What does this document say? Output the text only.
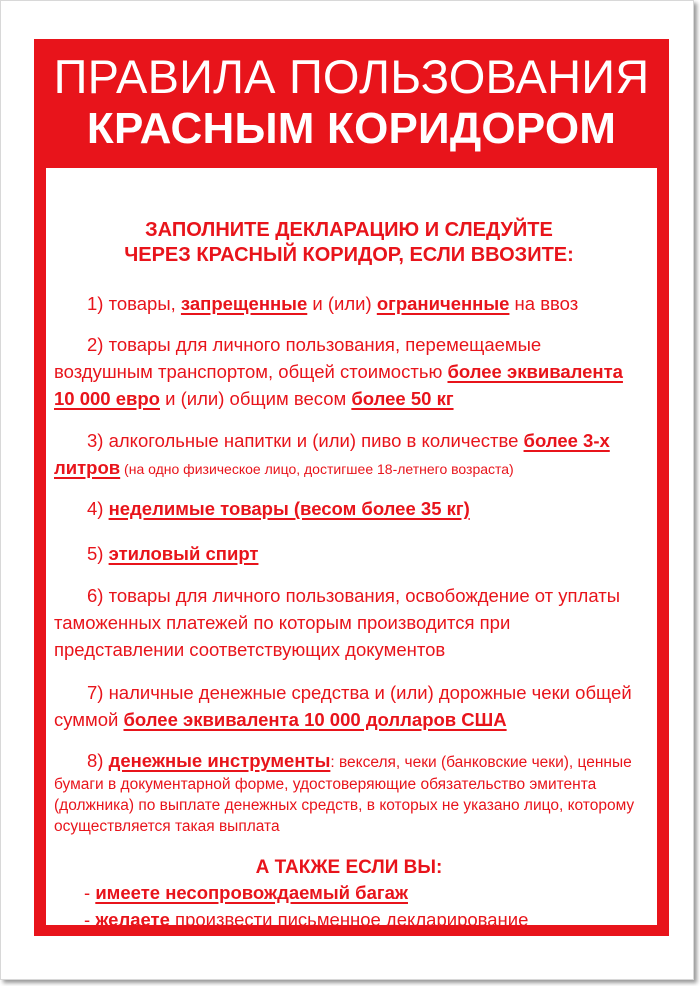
ПРАВИЛА ПОЛЬЗОВАНИЯ
КРАСНЫМ КОРИДОРОМ

ЗАПОЛНИТЕ ДЕКЛАРАЦИЮ И СЛЕДУЙТЕ

ЧЕРЕЗ КРАСНЫЙ КОРИДОР, ЕСЛИ ВВОЗИТЕ:

1) товары, запрещенные и (или) ограниченные на ввоз

2) товары для личного пользования, перемещаемые

воздушным транспортом, общей стоимостью более эквивалента

10 000 евро и (или) общим весом более 50 кг

3) алкогольные напитки и (или) пиво в количестве более 3-х

литров (на одно физическое лицо, достигшее 18-летнего возраста)

4) неделимые товары (весом более 35 кг)

5) этиловый спирт

6) товары для личного пользования, освобождение от уплаты

таможенных платежей по которым производится при

представлении соответствующих документов

7) наличные денежные средства и (или) дорожные чеки общей

суммой более эквивалента 10 000 долларов США

8) денежные инструменты: векселя, чеки (банковские чеки), ценные

бумаги в документарной форме, удостоверяющие обязательство эмитента

(должника) по выплате денежных средств, в которых не указано лицо, которому

осуществляется такая выплата

А ТАКЖЕ ЕСЛИ ВЫ:

- имеете несопровождаемый багаж

- желаете произвести письменное декларирование
